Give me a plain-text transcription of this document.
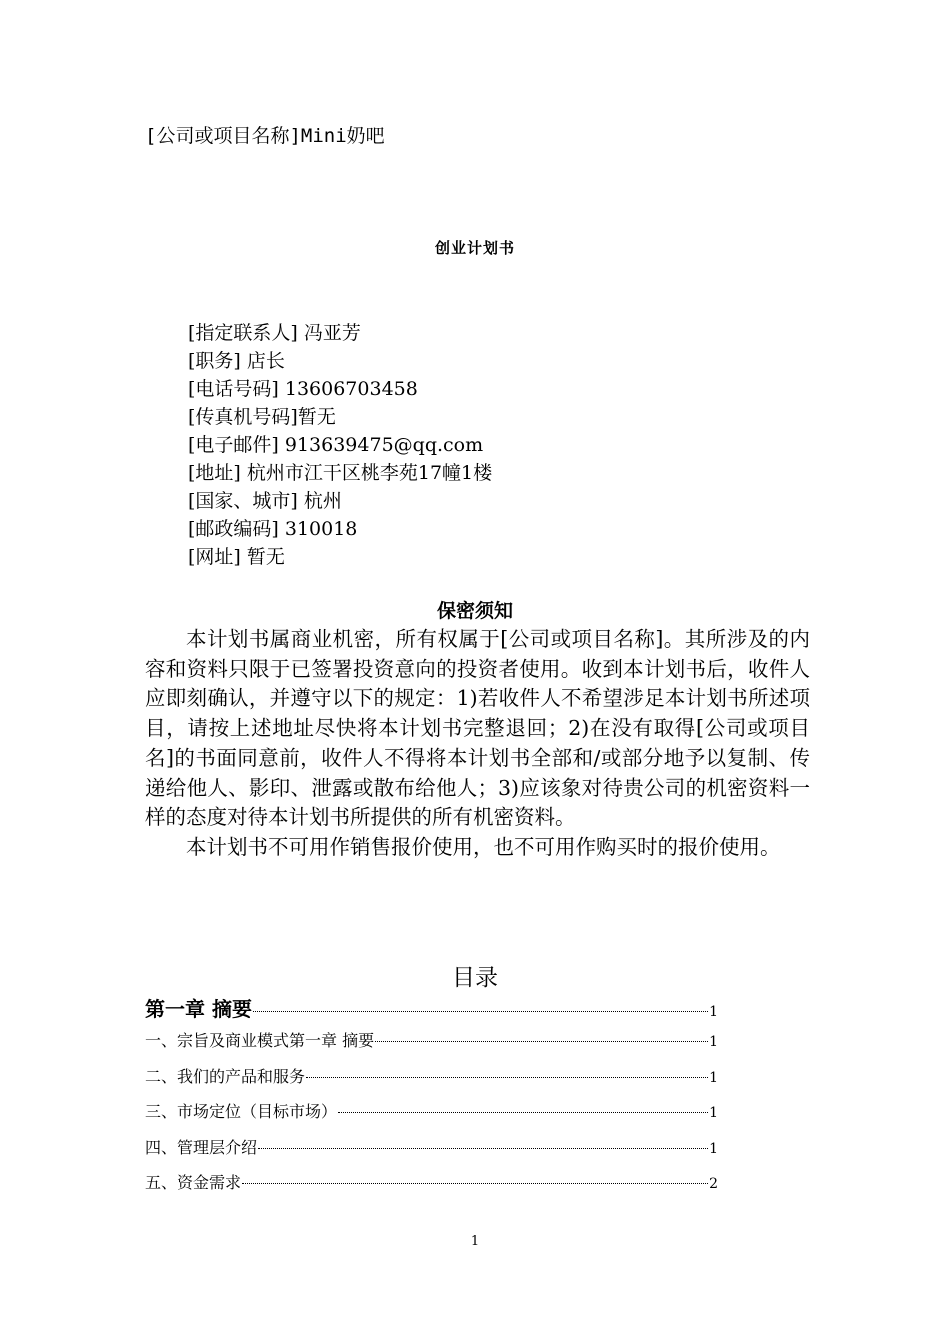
[公司或项目名称]Mini奶吧
创业计划书
[指定联系人] 冯亚芳
[职务] 店长
[电话号码] 13606703458
[传真机号码]暂无
[电子邮件] 913639475@qq.com
[地址] 杭州市江干区桃李苑17幢1楼
[国家、城市] 杭州
[邮政编码] 310018
[网址] 暂无
保密须知

本计划书属商业机密，所有权属于[公司或项目名称]。其所涉及的内容和资料只限于已签署投资意向的投资者使用。收到本计划书后，收件人应即刻确认，并遵守以下的规定：1)若收件人不希望涉足本计划书所述项目，请按上述地址尽快将本计划书完整退回；2)在没有取得[公司或项目名]的书面同意前，收件人不得将本计划书全部和/或部分地予以复制、传递给他人、影印、泄露或散布给他人；3)应该象对待贵公司的机密资料一样的态度对待本计划书所提供的所有机密资料。

本计划书不可用作销售报价使用，也不可用作购买时的报价使用。

目录
第一章 摘要	1
一、宗旨及商业模式第一章 摘要	1
二、我们的产品和服务	1
三、市场定位（目标市场）	1
四、管理层介绍	1
五、资金需求	2
1
